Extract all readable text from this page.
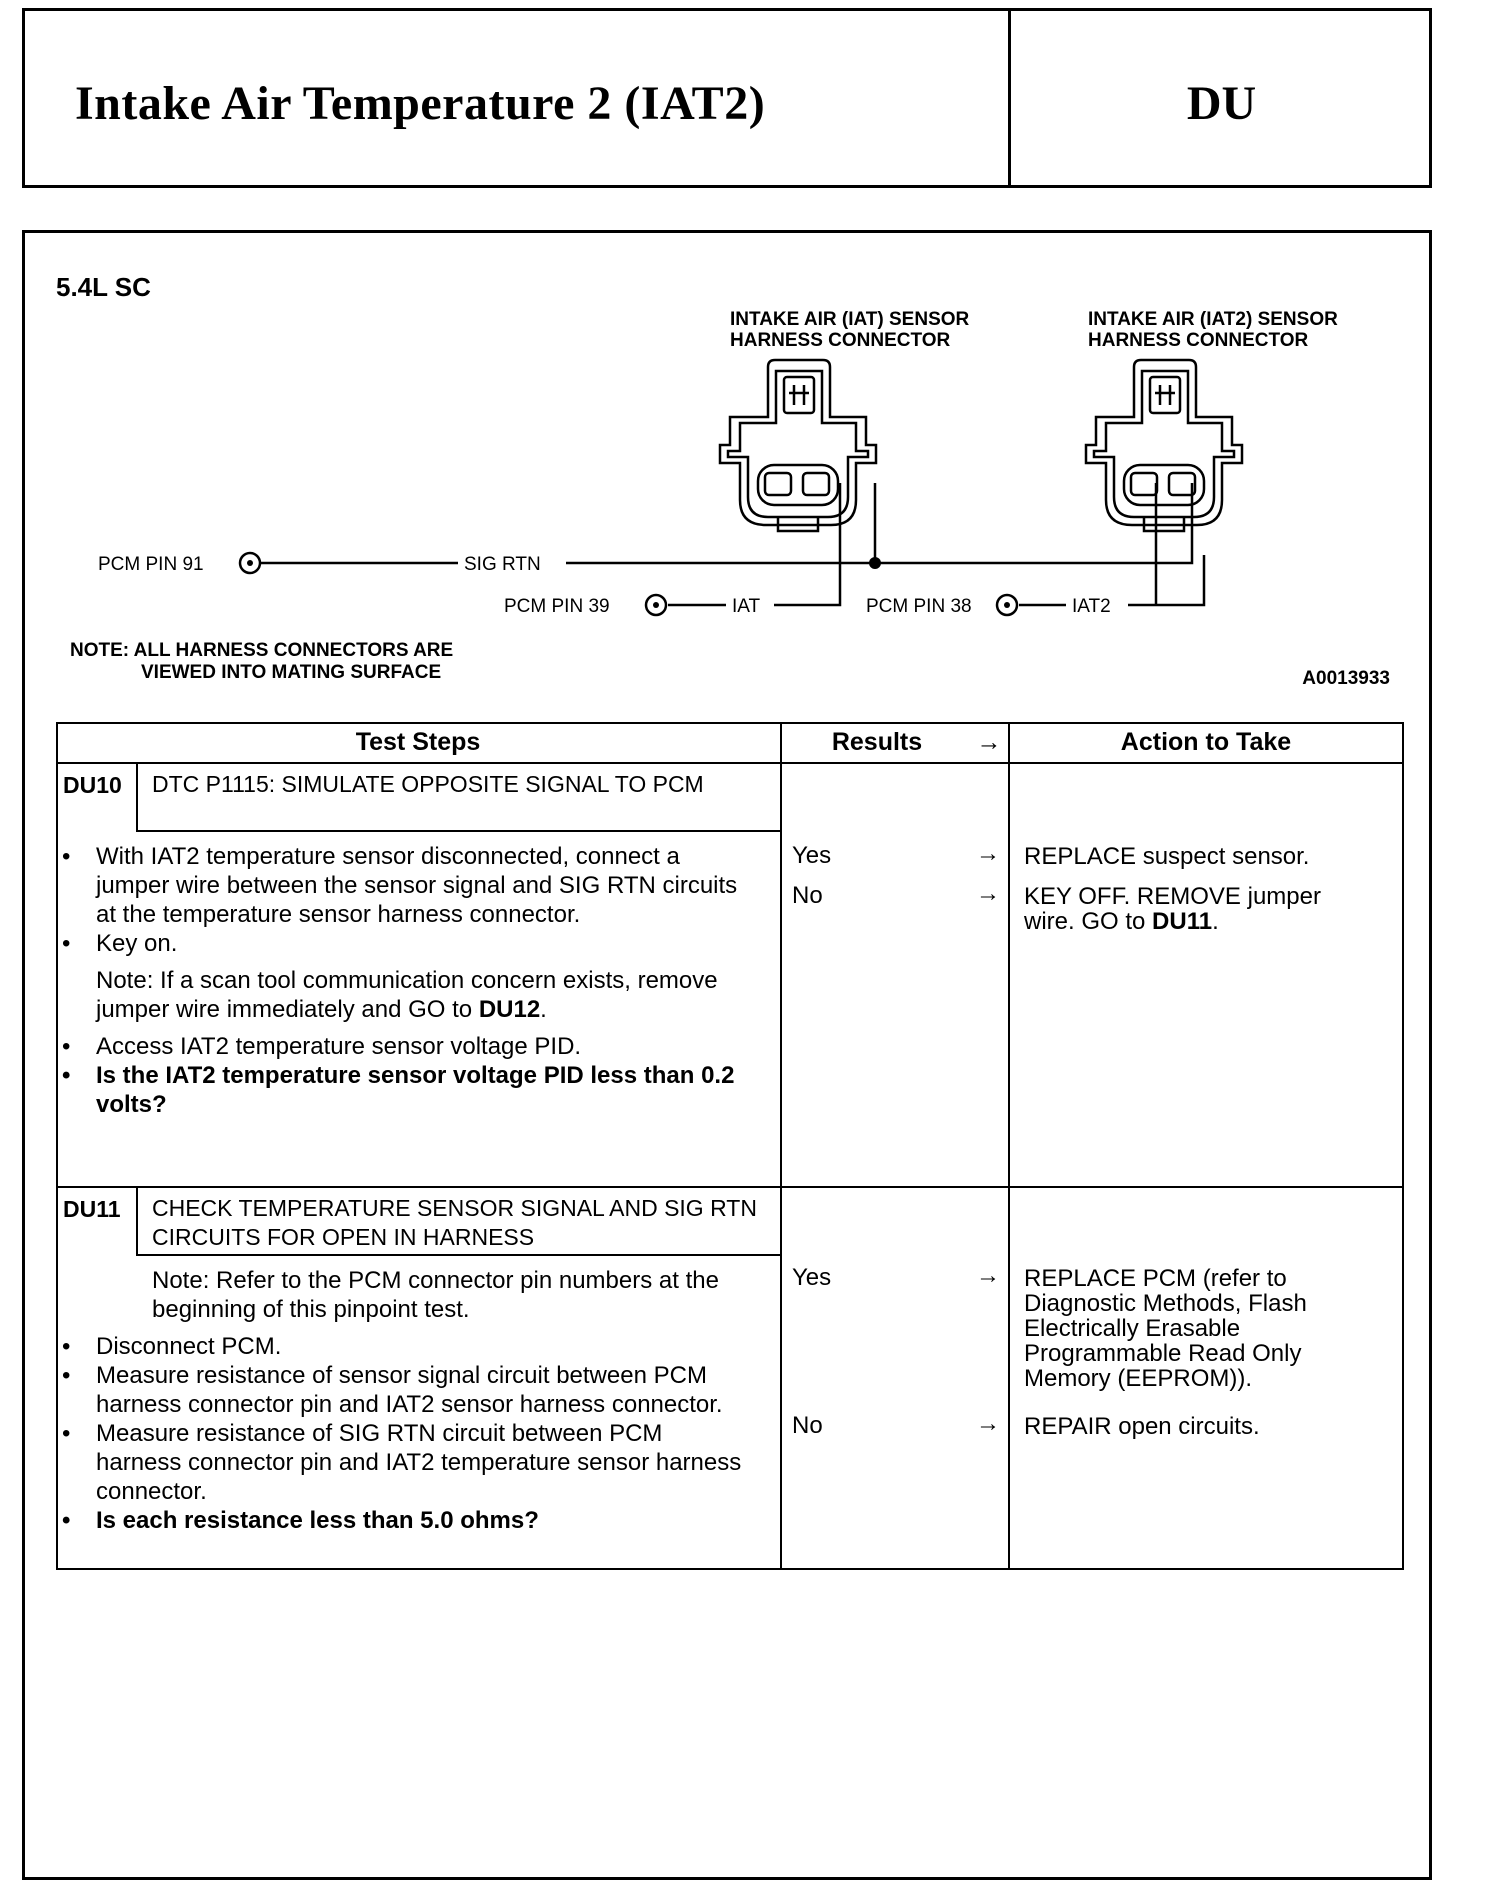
Intake Air Temperature 2 (IAT2)	DU
5.4L SC
INTAKE AIR (IAT) SENSOR
HARNESS CONNECTOR
INTAKE AIR (IAT2) SENSOR
HARNESS CONNECTOR
PCM PIN 91	SIG RTN
PCM PIN 39	IAT	PCM PIN 38	IAT2
NOTE: ALL HARNESS CONNECTORS ARE
VIEWED INTO MATING SURFACE	A0013933
Test Steps	Results	→	Action to Take
DU10 DTC P1115: SIMULATE OPPOSITE SIGNAL TO PCM
• With IAT2 temperature sensor disconnected, connect a jumper wire between the sensor signal and SIG RTN circuits at the temperature sensor harness connector.
• Key on.
Note: If a scan tool communication concern exists, remove jumper wire immediately and GO to DU12.
• Access IAT2 temperature sensor voltage PID.
• Is the IAT2 temperature sensor voltage PID less than 0.2 volts?
Yes	→ REPLACE suspect sensor.
No	→ KEY OFF. REMOVE jumper wire. GO to DU11.
DU11 CHECK TEMPERATURE SENSOR SIGNAL AND SIG RTN CIRCUITS FOR OPEN IN HARNESS
Note: Refer to the PCM connector pin numbers at the beginning of this pinpoint test.
• Disconnect PCM.
• Measure resistance of sensor signal circuit between PCM harness connector pin and IAT2 sensor harness connector.
• Measure resistance of SIG RTN circuit between PCM harness connector pin and IAT2 temperature sensor harness connector.
• Is each resistance less than 5.0 ohms?
Yes	→ REPLACE PCM (refer to Diagnostic Methods, Flash Electrically Erasable Programmable Read Only Memory (EEPROM)).
No	→ REPAIR open circuits.
